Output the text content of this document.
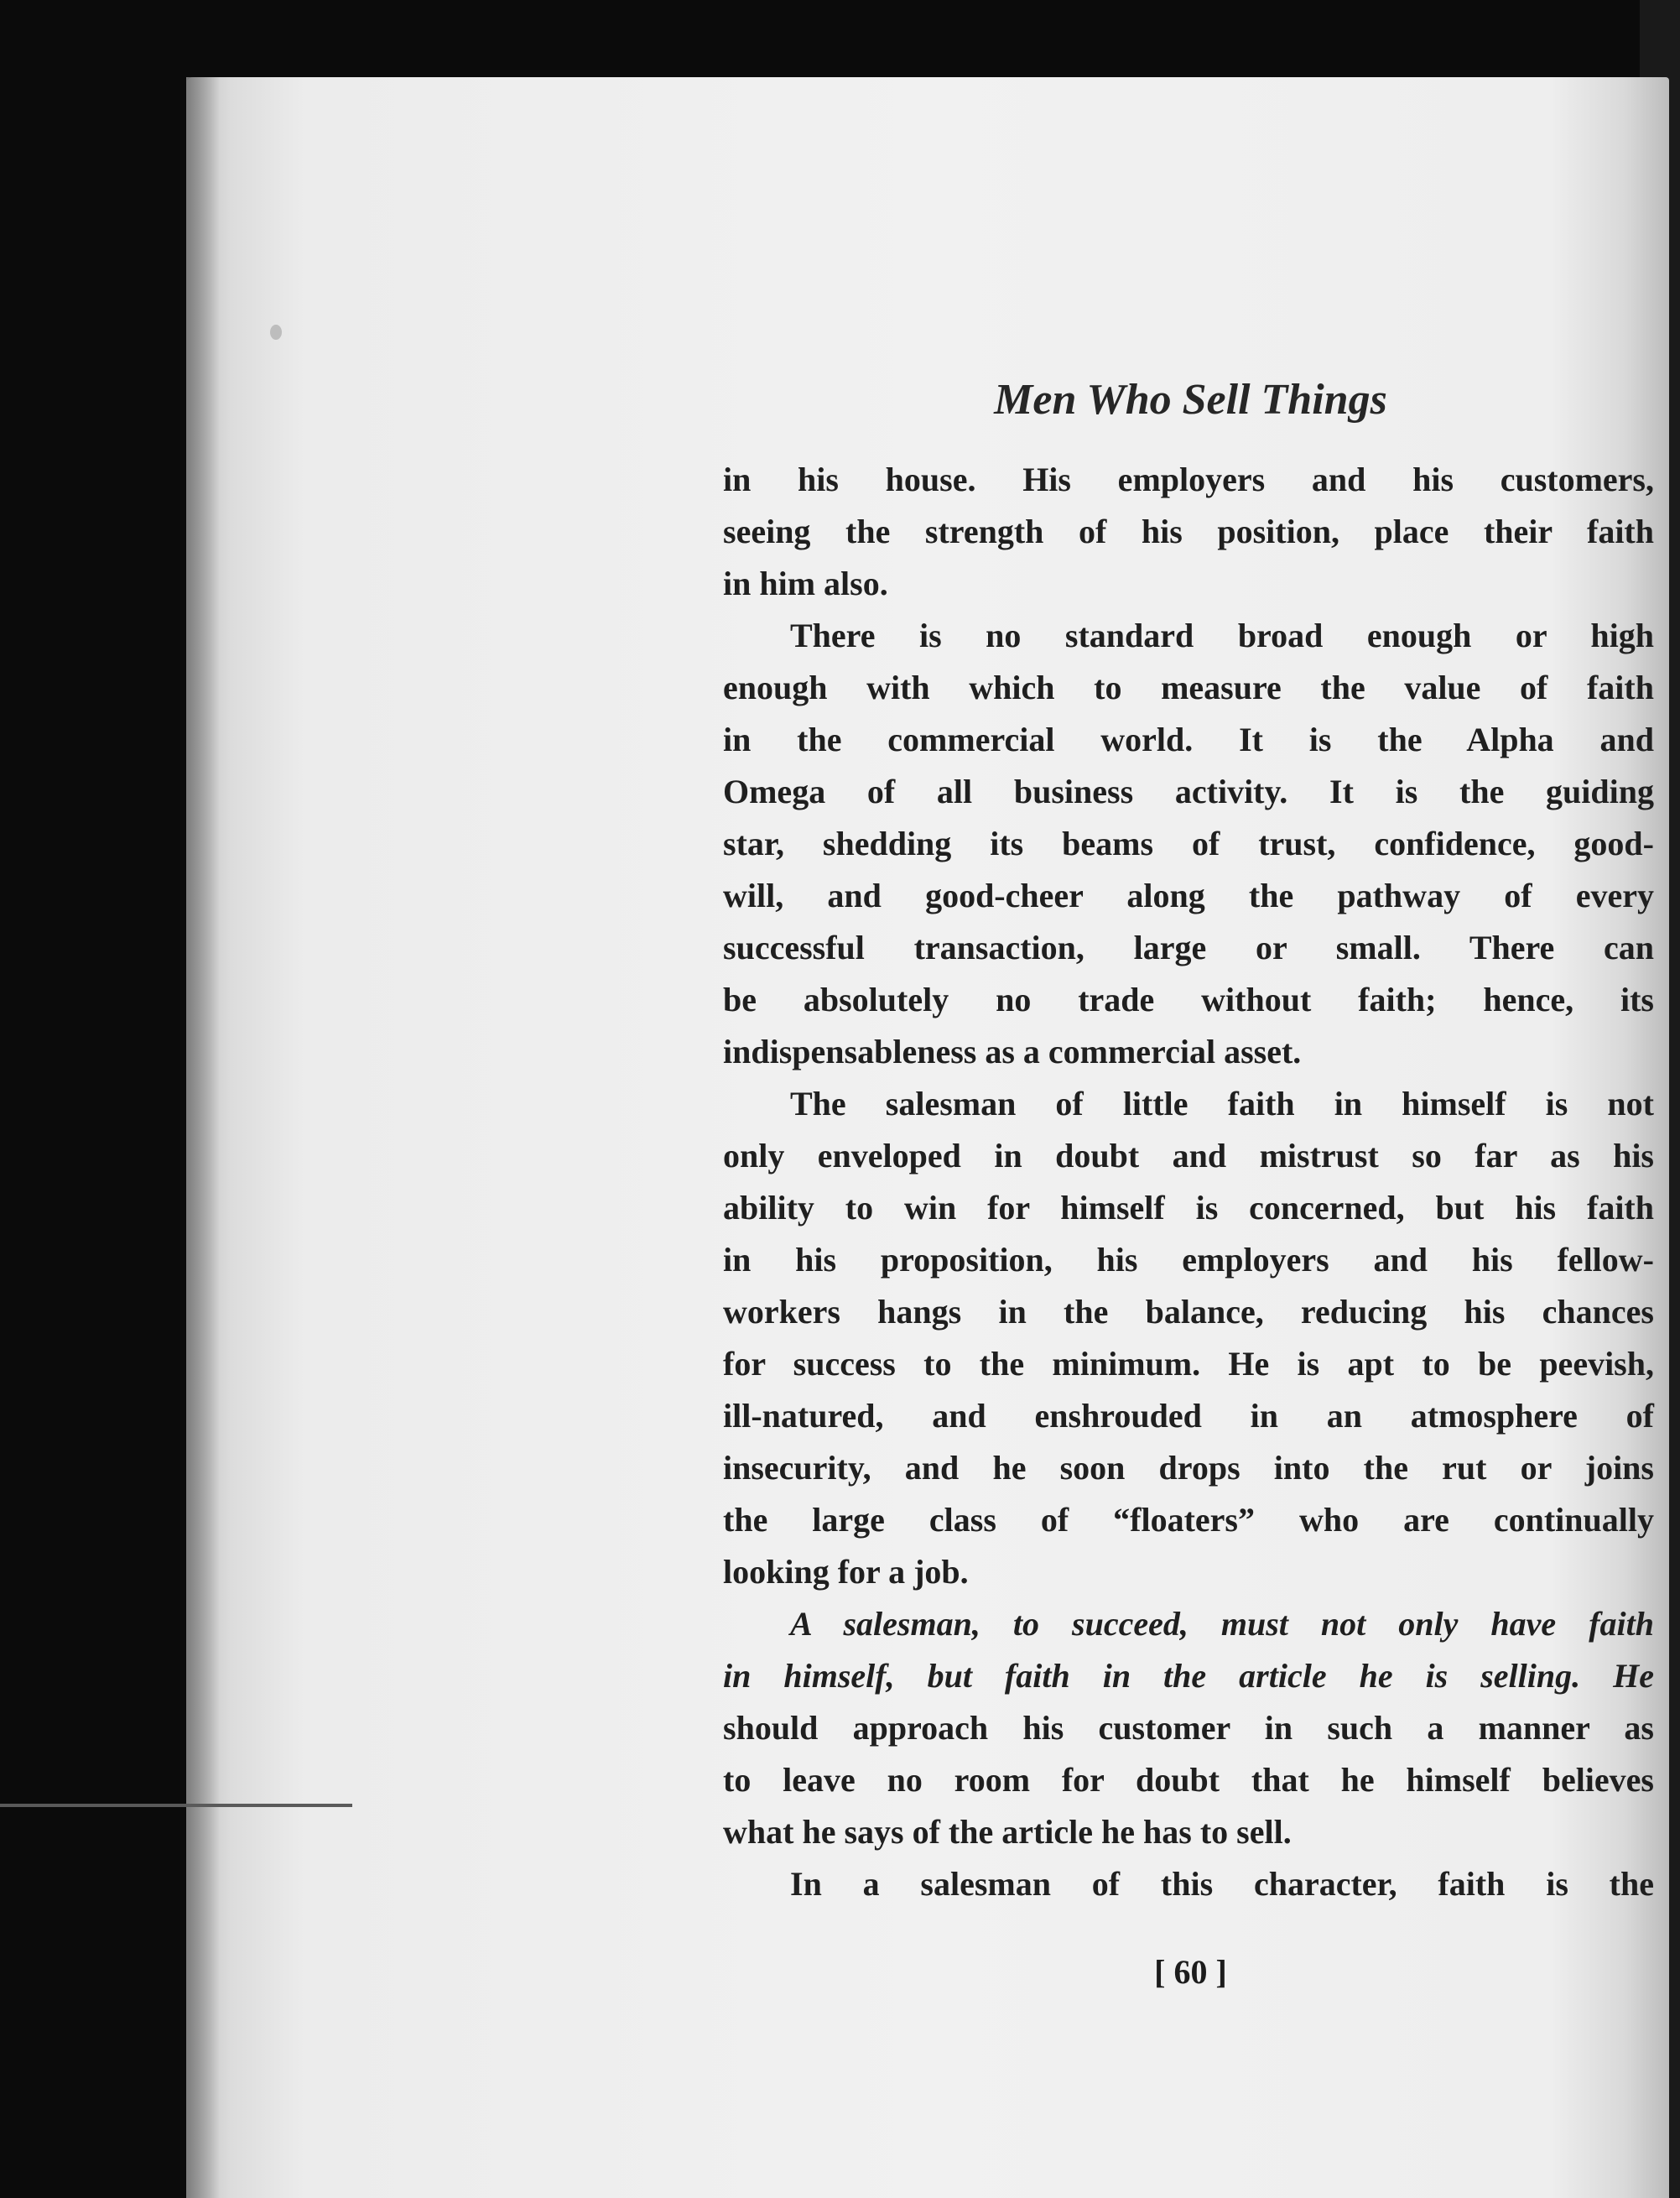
Men Who Sell Things
in his house. His employers and his customers,
seeing the strength of his position, place their faith
in him also.
There is no standard broad enough or high
enough with which to measure the value of faith
in the commercial world. It is the Alpha and
Omega of all business activity. It is the guiding
star, shedding its beams of trust, confidence, good-
will, and good-cheer along the pathway of every
successful transaction, large or small. There can
be absolutely no trade without faith; hence, its
indispensableness as a commercial asset.
The salesman of little faith in himself is not
only enveloped in doubt and mistrust so far as his
ability to win for himself is concerned, but his faith
in his proposition, his employers and his fellow-
workers hangs in the balance, reducing his chances
for success to the minimum. He is apt to be peevish,
ill-natured, and enshrouded in an atmosphere of
insecurity, and he soon drops into the rut or joins
the large class of “floaters” who are continually
looking for a job.
A salesman, to succeed, must not only have faith
in himself, but faith in the article he is selling. He
should approach his customer in such a manner as
to leave no room for doubt that he himself believes
what he says of the article he has to sell.
In a salesman of this character, faith is the
[ 60 ]
